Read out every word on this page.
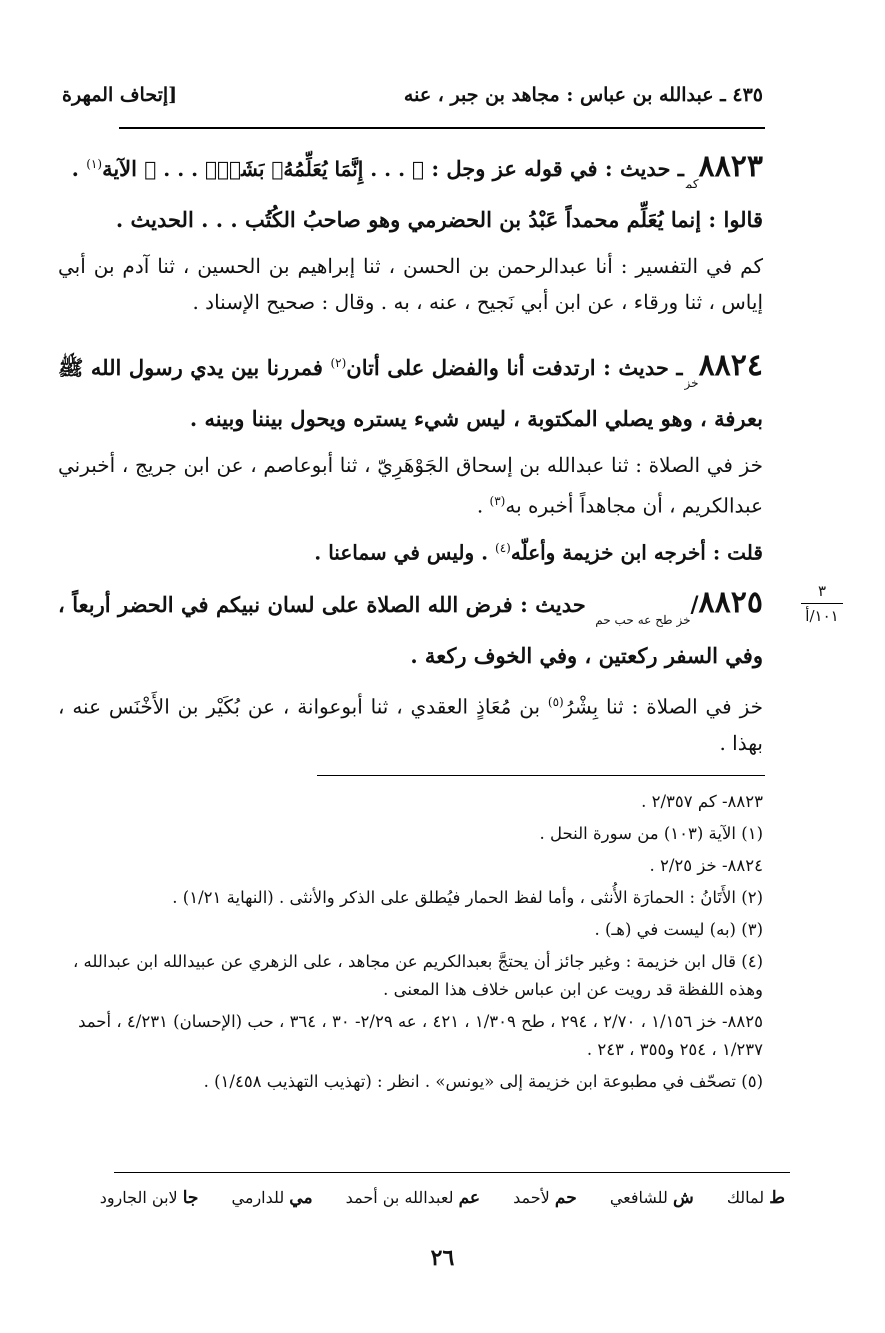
٤٣٥ ـ عبدالله بن عباس : مجاهد بن جبر ، عنه
[إتحاف المهرة

$٨٨٢٣_{كم}ـ$ حديث : في قوله عز وجل : ﴿ . . . إِنَّمَا يُعَلِّمُهُۥ بَشَرٌۗ . . . ﴾ الآية$^{(١)}$ .

قالوا : إنما يُعَلِّم محمداً عَبْدُ بن الحضرمي وهو صاحبُ الكُتُب . . . الحديث .

كم في التفسير : أنا عبدالرحمن بن الحسن ، ثنا إبراهيم بن الحسين ، ثنا آدم بن أبي إياس ، ثنا ورقاء ، عن ابن أبي نَجيح ، عنه ، به . وقال : صحيح الإسناد .

$٨٨٢٤_{خز}ـ$ حديث : ارتدفت أنا والفضل على أتان$^{(٢)}$ فمررنا بين يدي رسول الله ﷺ بعرفة ، وهو يصلي المكتوبة ، ليس شيء يستره ويحول بيننا وبينه .

خز في الصلاة : ثنا عبدالله بن إسحاق الجَوْهَرِيّ ، ثنا أبوعاصم ، عن ابن جريج ، أخبرني عبدالكريم ، أن مجاهداً أخبره به$^{(٣)}$ .

قلت : أخرجه ابن خزيمة وأعلّه$^{(٤)}$ . وليس في سماعنا .

٣
١٠١/أ

$٨٨٢٥/_{خز طح عه حب حم}$ حديث : فرض الله الصلاة على لسان نبيكم في الحضر أربعاً ، وفي السفر ركعتين ، وفي الخوف ركعة .

خز في الصلاة : ثنا بِشْرُ$^{(٥)}$ بن مُعَاذٍ العقدي ، ثنا أبوعوانة ، عن بُكَيْر بن الأَخْنَس عنه ، بهذا .

٨٨٢٣- كم ٢/٣٥٧ .

(١) الآية (١٠٣) من سورة النحل .

٨٨٢٤- خز ٢/٢٥ .

(٢) الأَتَانُ : الحمارَة الأُنثى ، وأما لفظ الحمار فيُطلق على الذكر والأنثى . (النهاية ١/٢١) .

(٣) (به) ليست في (هـ) .

(٤) قال ابن خزيمة : وغير جائز أن يحتجَّ بعبدالكريم عن مجاهد ، على الزهري عن عبيدالله ابن عبدالله ، وهذه اللفظة قد رويت عن ابن عباس خلاف هذا المعنى .

٨٨٢٥- خز ١/١٥٦ ، ٢/٧٠ ، ٢٩٤ ، طح ١/٣٠٩ ، ٤٢١ ، عه ٢/٢٩- ٣٠ ، ٣٦٤ ، حب (الإحسان) ٤/٢٣١ ، أحمد ١/٢٣٧ ، ٢٥٤ و٣٥٥ ، ٢٤٣ .

(٥) تصحّف في مطبوعة ابن خزيمة إلى «يونس» . انظر : (تهذيب التهذيب ١/٤٥٨) .

ط لمالك ش للشافعي حم لأحمد عم لعبدالله بن أحمد مي للدارمي جا لابن الجارود
٢٦
